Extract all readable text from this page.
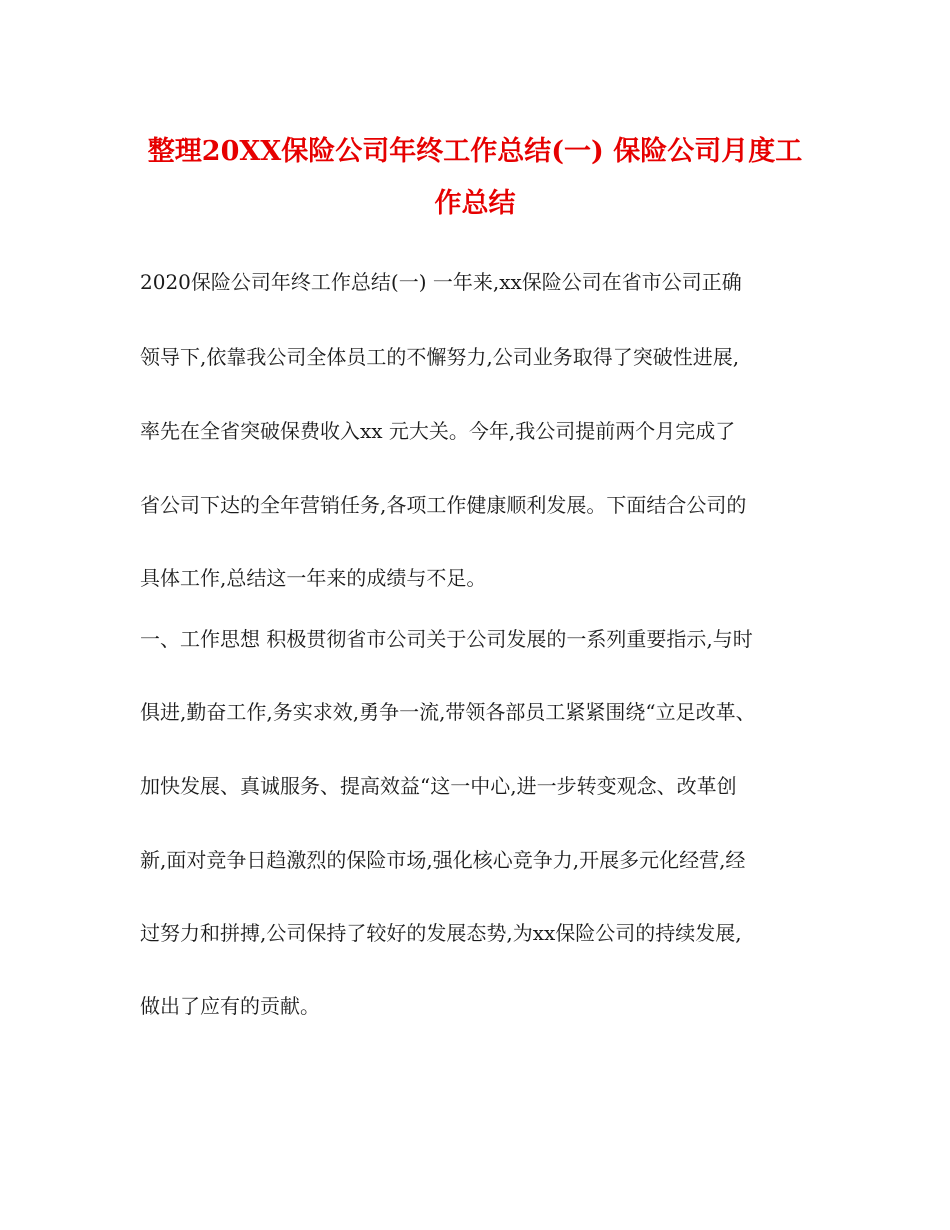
整理20XX保险公司年终工作总结(一) 保险公司月度工
作总结

2020保险公司年终工作总结(一) 一年来,xx保险公司在省市公司正确

领导下,依靠我公司全体员工的不懈努力,公司业务取得了突破性进展,

率先在全省突破保费收入xx 元大关。今年,我公司提前两个月完成了

省公司下达的全年营销任务,各项工作健康顺利发展。下面结合公司的

具体工作,总结这一年来的成绩与不足。

一、工作思想 积极贯彻省市公司关于公司发展的一系列重要指示,与时

俱进,勤奋工作,务实求效,勇争一流,带领各部员工紧紧围绕“立足改革、

加快发展、真诚服务、提高效益“这一中心,进一步转变观念、改革创

新,面对竞争日趋激烈的保险市场,强化核心竞争力,开展多元化经营,经

过努力和拼搏,公司保持了较好的发展态势,为xx保险公司的持续发展,

做出了应有的贡献。
